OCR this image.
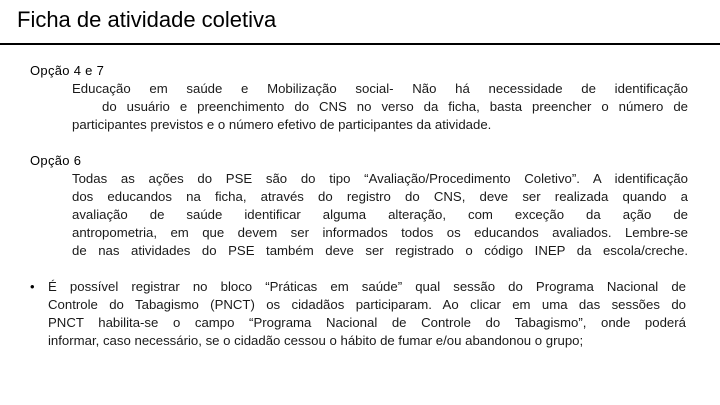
Ficha de atividade coletiva
Opção 4 e 7
Educação em saúde e Mobilização social- Não há necessidade de identificação
do usuário e preenchimento do CNS no verso da ficha, basta preencher o número de
participantes previstos e o número efetivo de participantes da atividade.
Opção 6
Todas as ações do PSE são do tipo “Avaliação/Procedimento Coletivo”. A identificação
dos educandos na ficha, através do registro do CNS, deve ser realizada quando a
avaliação de saúde identificar alguma alteração, com exceção da ação de
antropometria, em que devem ser informados todos os educandos avaliados. Lembre-se
de nas atividades do PSE também deve ser registrado o código INEP da escola/creche.
• É possível registrar no bloco “Práticas em saúde” qual sessão do Programa Nacional de
Controle do Tabagismo (PNCT) os cidadãos participaram. Ao clicar em uma das sessões do
PNCT habilita-se o campo “Programa Nacional de Controle do Tabagismo”, onde poderá
informar, caso necessário, se o cidadão cessou o hábito de fumar e/ou abandonou o grupo;
